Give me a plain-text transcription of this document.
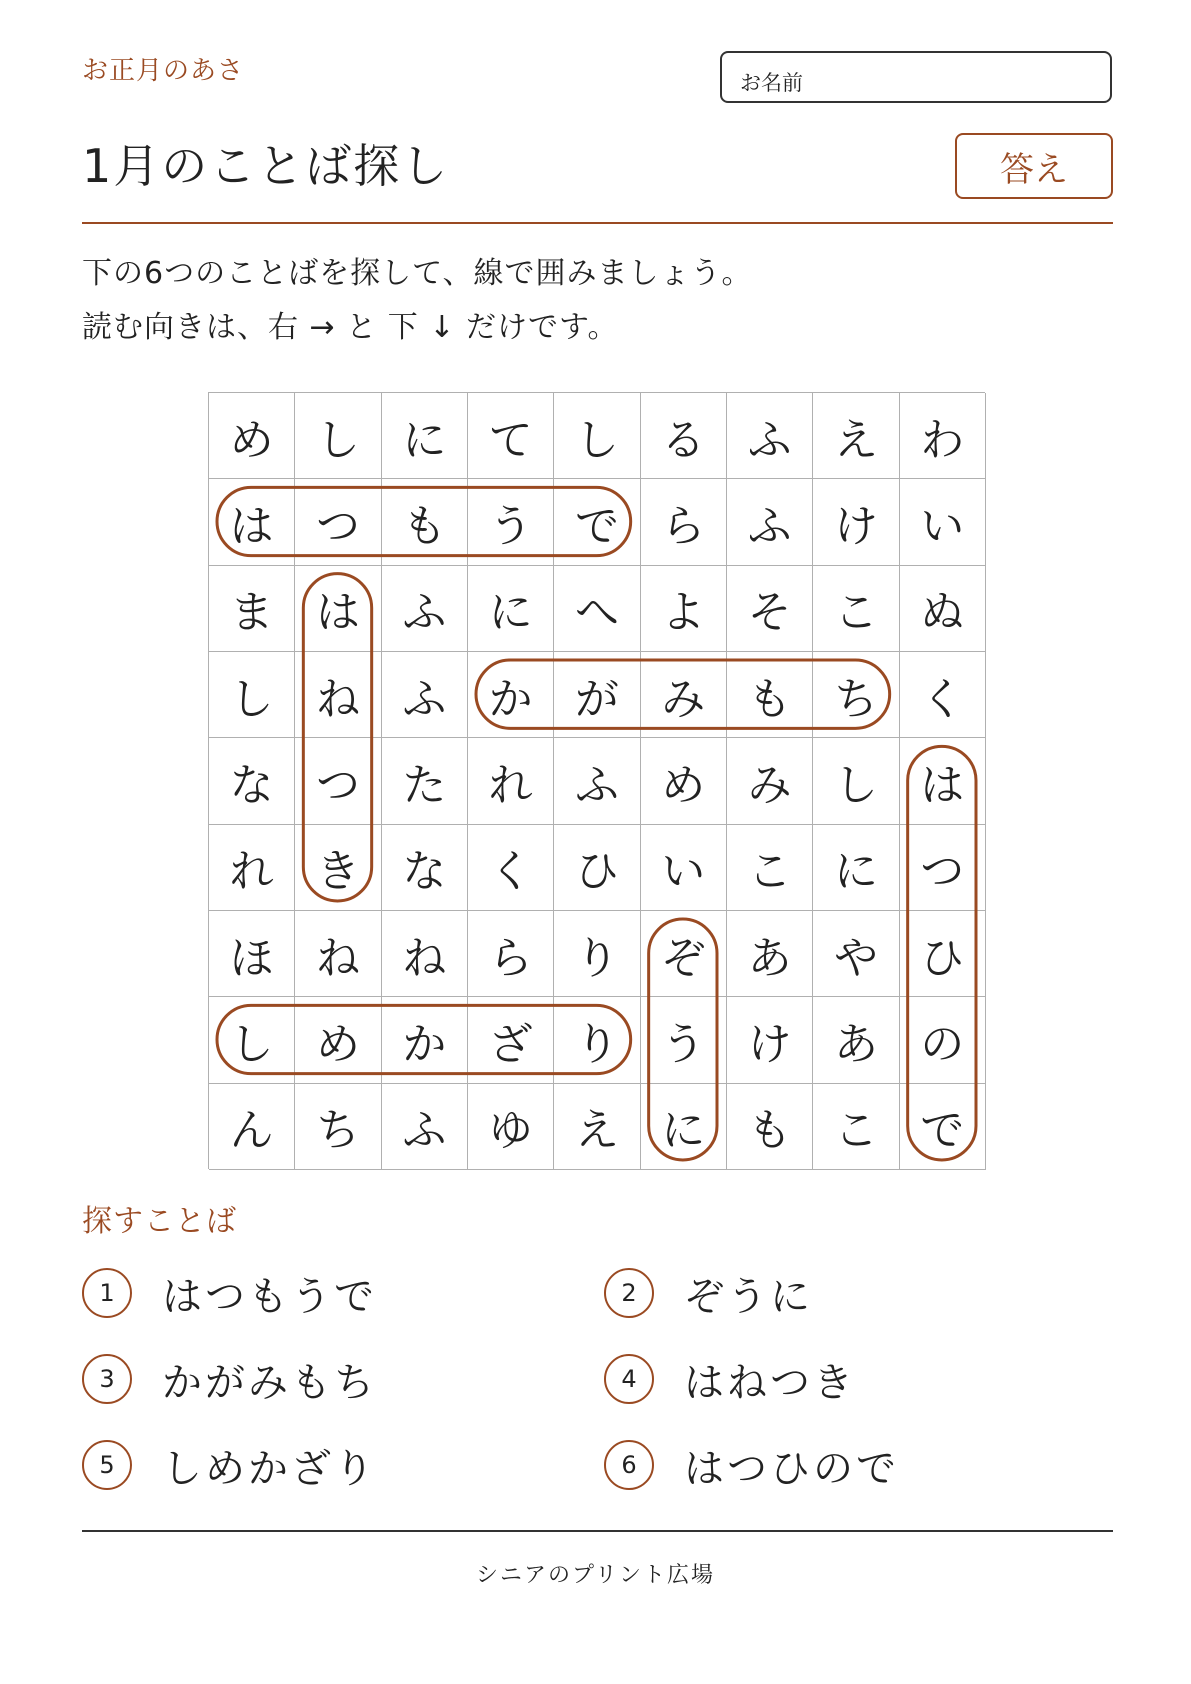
お正月のあさ	お名前
1月のことば探し	答え
下の6つのことばを探して、線で囲みましょう。
読む向きは、右 → と 下 ↓ だけです。
め し に て し る ふ え わ
は つ も う で ら ふ け い
ま は ふ に へ よ そ こ ぬ
し ね ふ か が み も ち く
な つ た れ ふ め み し は
れ き な く ひ い こ に つ
ほ ね ね ら り ぞ あ や ひ
し め か ざ り う け あ の
ん ち ふ ゆ え に も こ で
探すことば
1	はつもうで
3	かがみもち
5	しめかざり
2	ぞうに
4	はねつき
6	はつひので
シニアのプリント広場
